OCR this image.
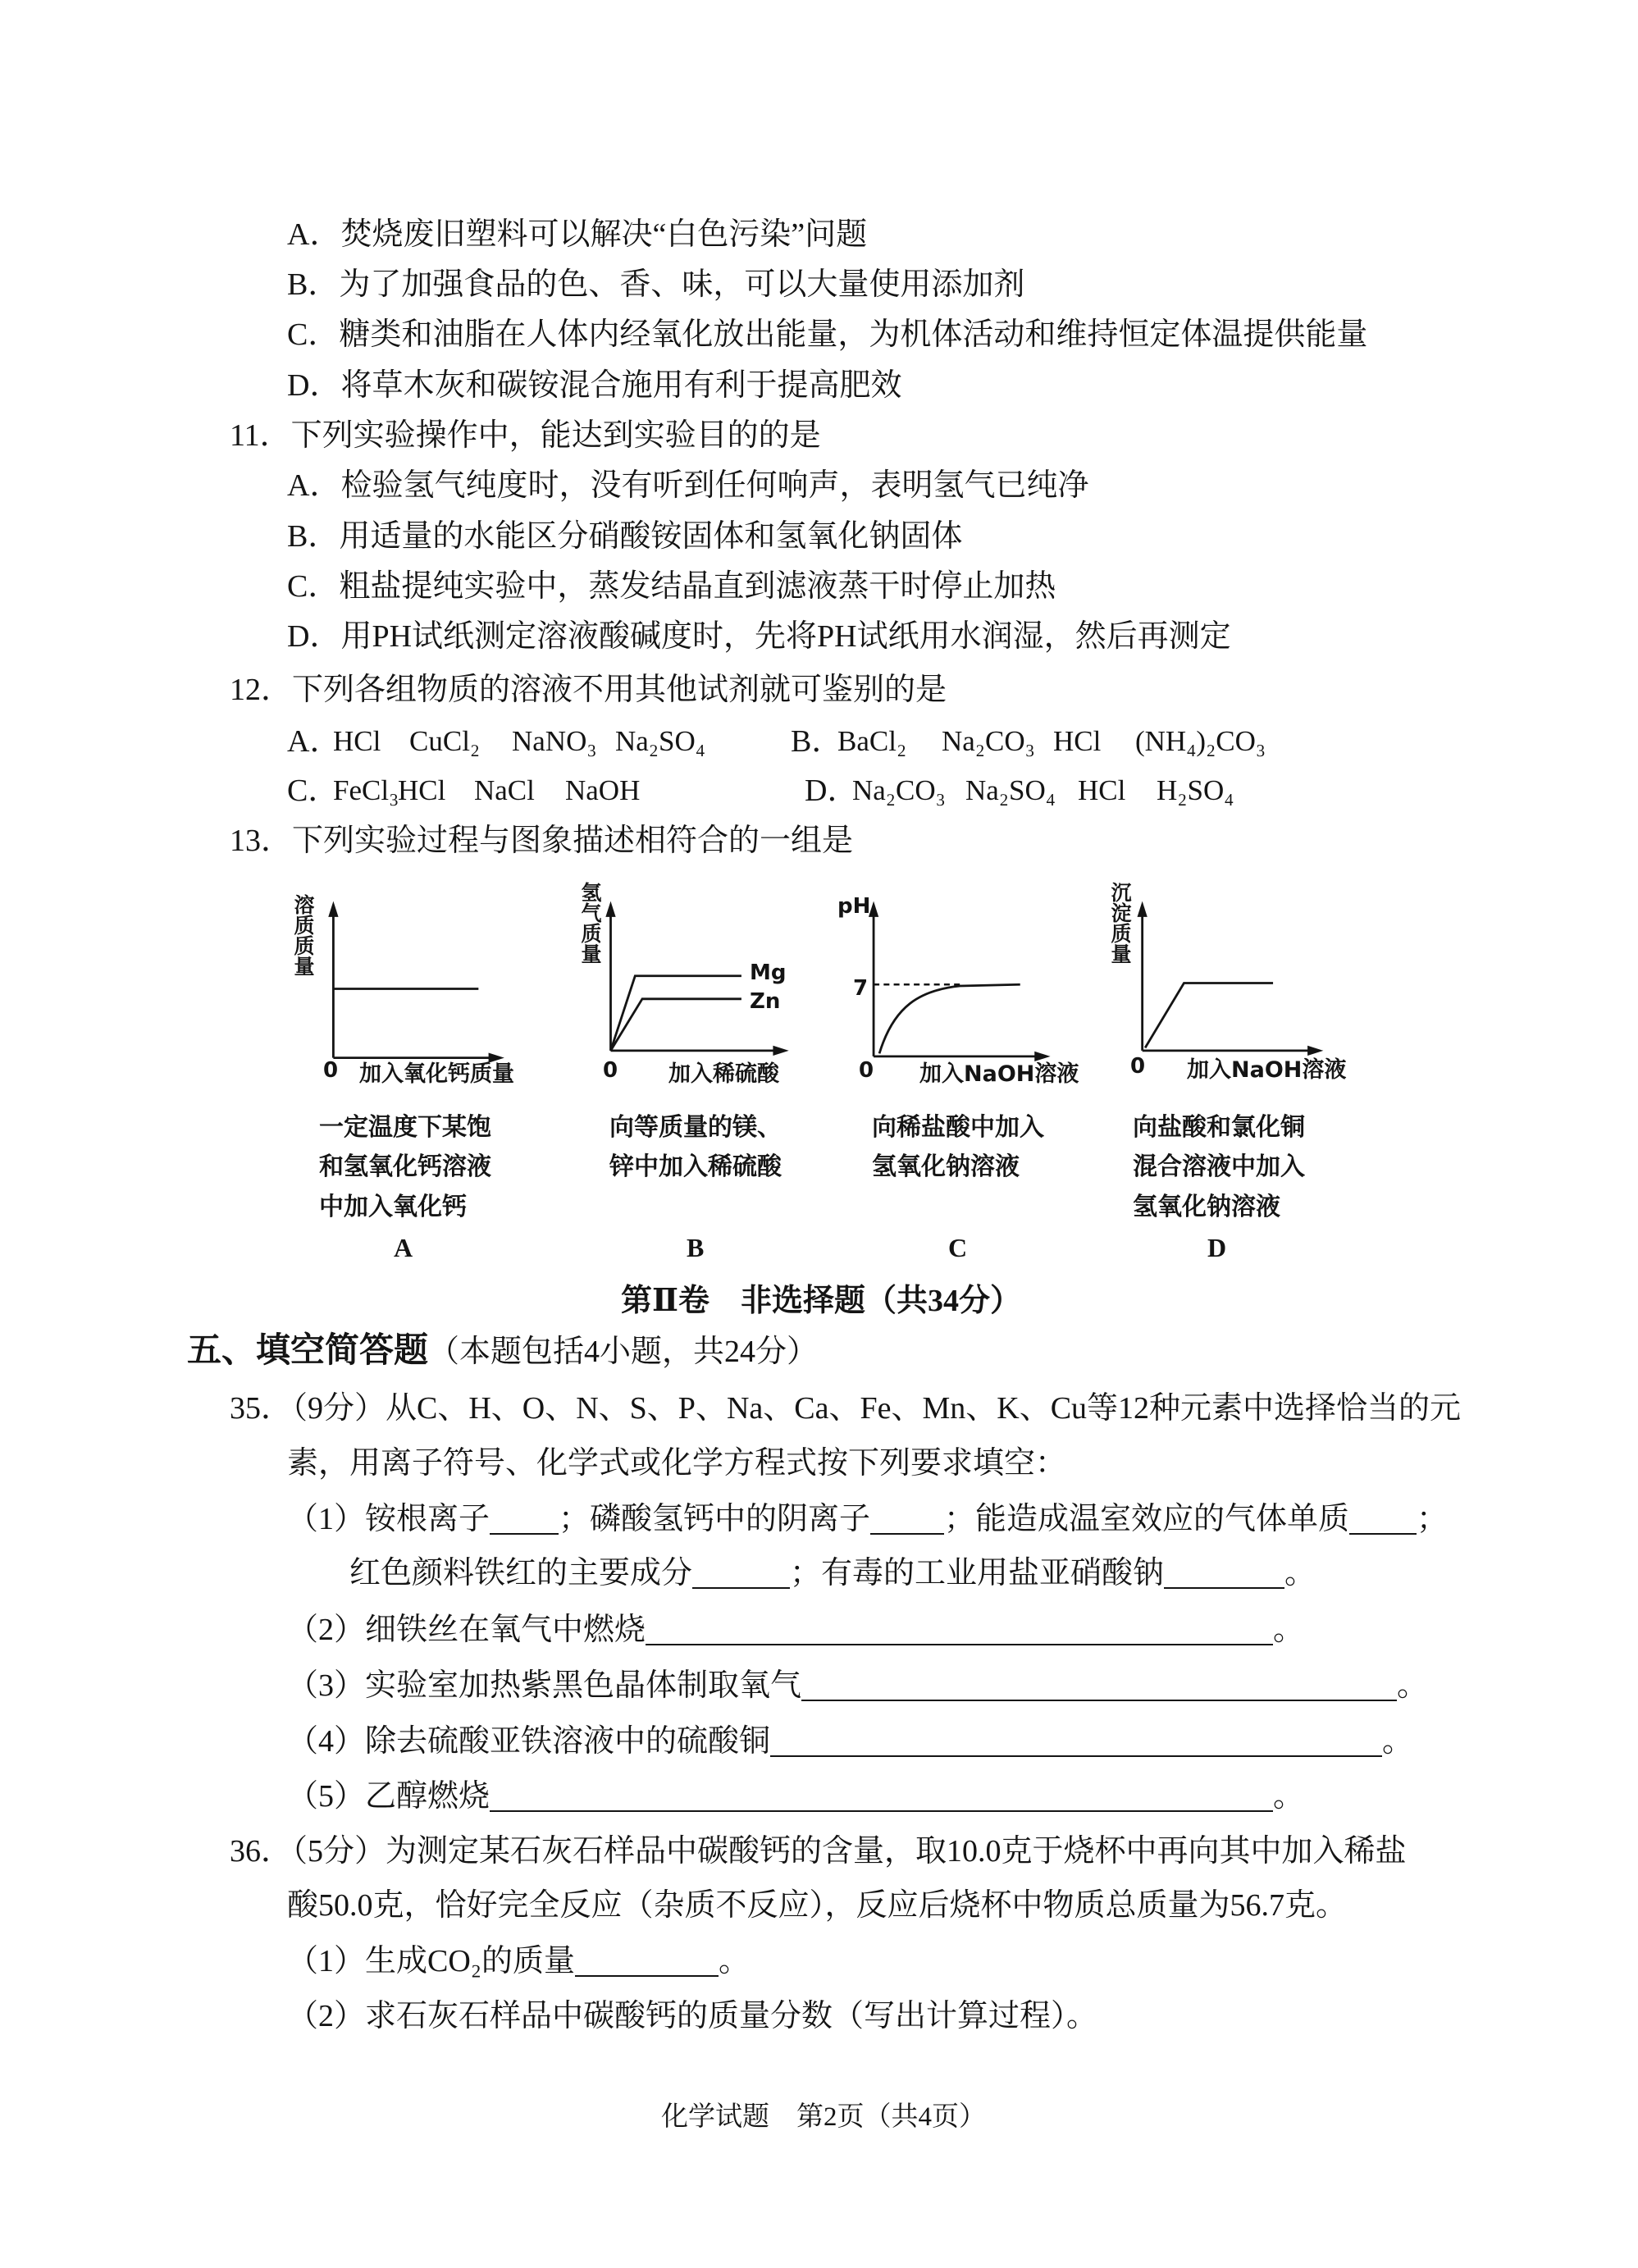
A．焚烧废旧塑料可以解决“白色污染”问题
B．为了加强食品的色、香、味，可以大量使用添加剂
C．糖类和油脂在人体内经氧化放出能量，为机体活动和维持恒定体温提供能量
D．将草木灰和碳铵混合施用有利于提高肥效
11．下列实验操作中，能达到实验目的的是
A．检验氢气纯度时，没有听到任何响声，表明氢气已纯净
B．用适量的水能区分硝酸铵固体和氢氧化钠固体
C．粗盐提纯实验中，蒸发结晶直到滤液蒸干时停止加热
D．用PH试纸测定溶液酸碱度时，先将PH试纸用水润湿，然后再测定
12．下列各组物质的溶液不用其他试剂就可鉴别的是
A．
HCl CuCl₂ NaNO₃ Na₂SO₄	B．
BaCl₂ Na₂CO₃ HCl (NH₄)₂CO₃
C．
FeCl₃
HCl NaCl NaOH	D．
Na₂CO₃ Na₂SO₄ HCl H₂SO₄
13．下列实验过程与图象描述相符合的一组是
溶质质量
0 加入氧化钙质量
一定温度下某饱
和氢氧化钙溶液
中加入氧化钙
A
氢气质量
Mg
Zn
0 加入稀硫酸
向等质量的镁、
锌中加入稀硫酸
B
pH
7
0 加入NaOH溶液
向稀盐酸中加入
氢氧化钠溶液
C
沉淀质量
0 加入NaOH溶液
向盐酸和氯化铜
混合溶液中加入
氢氧化钠溶液
D
第Ⅱ卷　非选择题（共34分）
五、填空简答题（本题包括4小题，共24分）
35．（9分）从C、H、O、N、S、P、Na、Ca、Fe、Mn、K、Cu等12种元素中选择恰当的元
素，用离子符号、化学式或化学方程式按下列要求填空：
（1）铵根离子 ；磷酸氢钙中的阴离子 ；能造成温室效应的气体单质 ；
红色颜料铁红的主要成分	；有毒的工业用盐亚硝酸钠	。
（2）细铁丝在氧气中燃烧	。
（3）实验室加热紫黑色晶体制取氧气	。
（4）除去硫酸亚铁溶液中的硫酸铜	。
（5）乙醇燃烧	。
36．（5分）为测定某石灰石样品中碳酸钙的含量，取10.0克于烧杯中再向其中加入稀盐
酸50.0克，恰好完全反应（杂质不反应），反应后烧杯中物质总质量为56.7克。
（1）生成CO₂的质量	。
（2）求石灰石样品中碳酸钙的质量分数（写出计算过程）。
化学试题　第2页（共4页）
